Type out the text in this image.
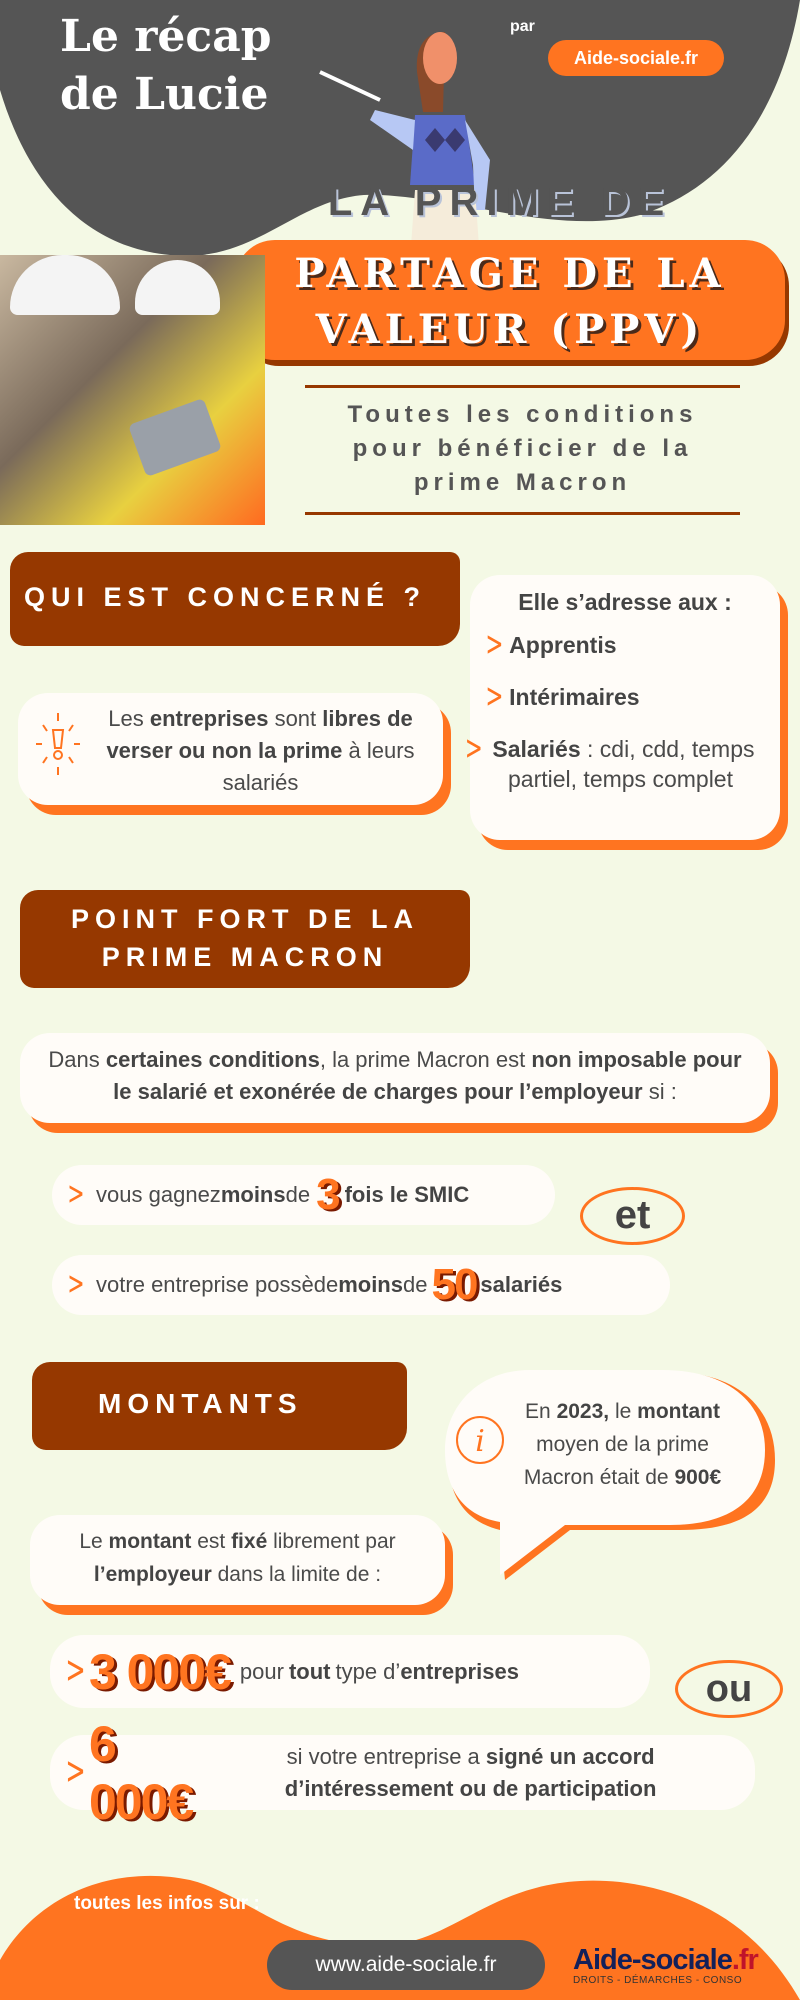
Le récap
de Lucie
par
Aide-sociale.fr
LA PRIME DE
PARTAGE DE LA
VALEUR (PPV)
Toutes les conditions
pour bénéficier de la
prime Macron
QUI EST CONCERNÉ ?	Elle s’adresse aux :
ᐳ Apprentis
ᐳ Intérimaires
ᐳ Salariés : cdi, cdd, temps partiel, temps complet
Les entreprises sont libres de verser ou non la prime à leurs salariés
POINT FORT DE LA
PRIME MACRON
Dans certaines conditions, la prime Macron est non imposable pour le salarié et exonérée de charges pour l’employeur si :
ᐳ vous gagnez moins de 3 fois le SMIC	et
ᐳ votre entreprise possède moins de 50 salariés
MONTANTS
i
En 2023, le montant moyen de la prime Macron était de 900€
Le montant est fixé librement par l’employeur dans la limite de :
ᐳ 3 000€ pour tout type d’ entreprises	ou
ᐳ
6 000€
si votre entreprise a signé un accord d’intéressement ou de participation
toutes les infos sur :
www.aide-sociale.fr	Aide-sociale.fr
DROITS - DÉMARCHES - CONSO
